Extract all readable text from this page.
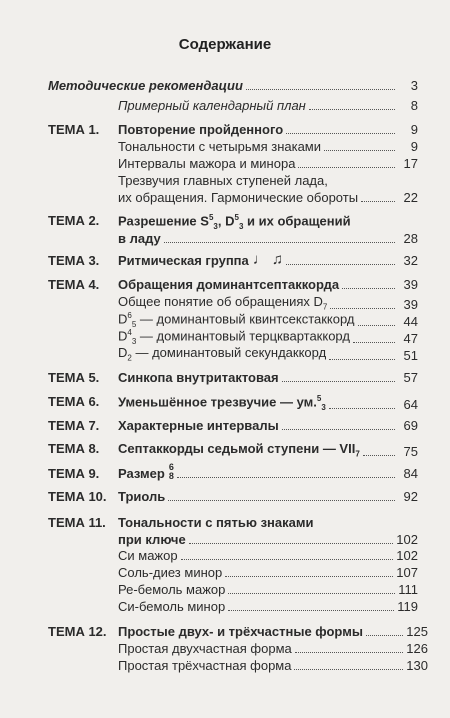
Содержание
Методические рекомендации	3
Примерный календарный план	8
ТЕМА 1. Повторение пройденного	9
Тональности с четырьмя знаками	9
Интервалы мажора и минора	17
Трезвучия главных ступеней лада,
их обращения. Гармонические обороты	22
ТЕМА 2. Разрешение $S^5_3$, $D^5_3$ и их обращений
в ладу	28
ТЕМА 3. Ритмическая группа ♩ ♫	32
ТЕМА 4. Обращения доминантсептаккорда	39
Общее понятие об обращениях $D_7$	39
$D^6_5$ — доминантовый квинтсекстаккорд	44
$D^4_3$ — доминантовый терцквартаккорд	47
$D_2$ — доминантовый секундаккорд	51
ТЕМА 5. Синкопа внутритактовая	57
ТЕМА 6. Уменьшённое трезвучие — ум.$^5_3$	64
ТЕМА 7. Характерные интервалы	69
ТЕМА 8. Септаккорды седьмой ступени — $VII_7$	75
ТЕМА 9. Размер 6
8	84
ТЕМА 10. Триоль	92
ТЕМА 11. Тональности с пятью знаками
при ключе	102
Си мажор	102
Соль-диез минор	107
Ре-бемоль мажор	111
Си-бемоль минор	119
ТЕМА 12. Простые двух- и трёхчастные формы	125
Простая двухчастная форма	126
Простая трёхчастная форма	130
